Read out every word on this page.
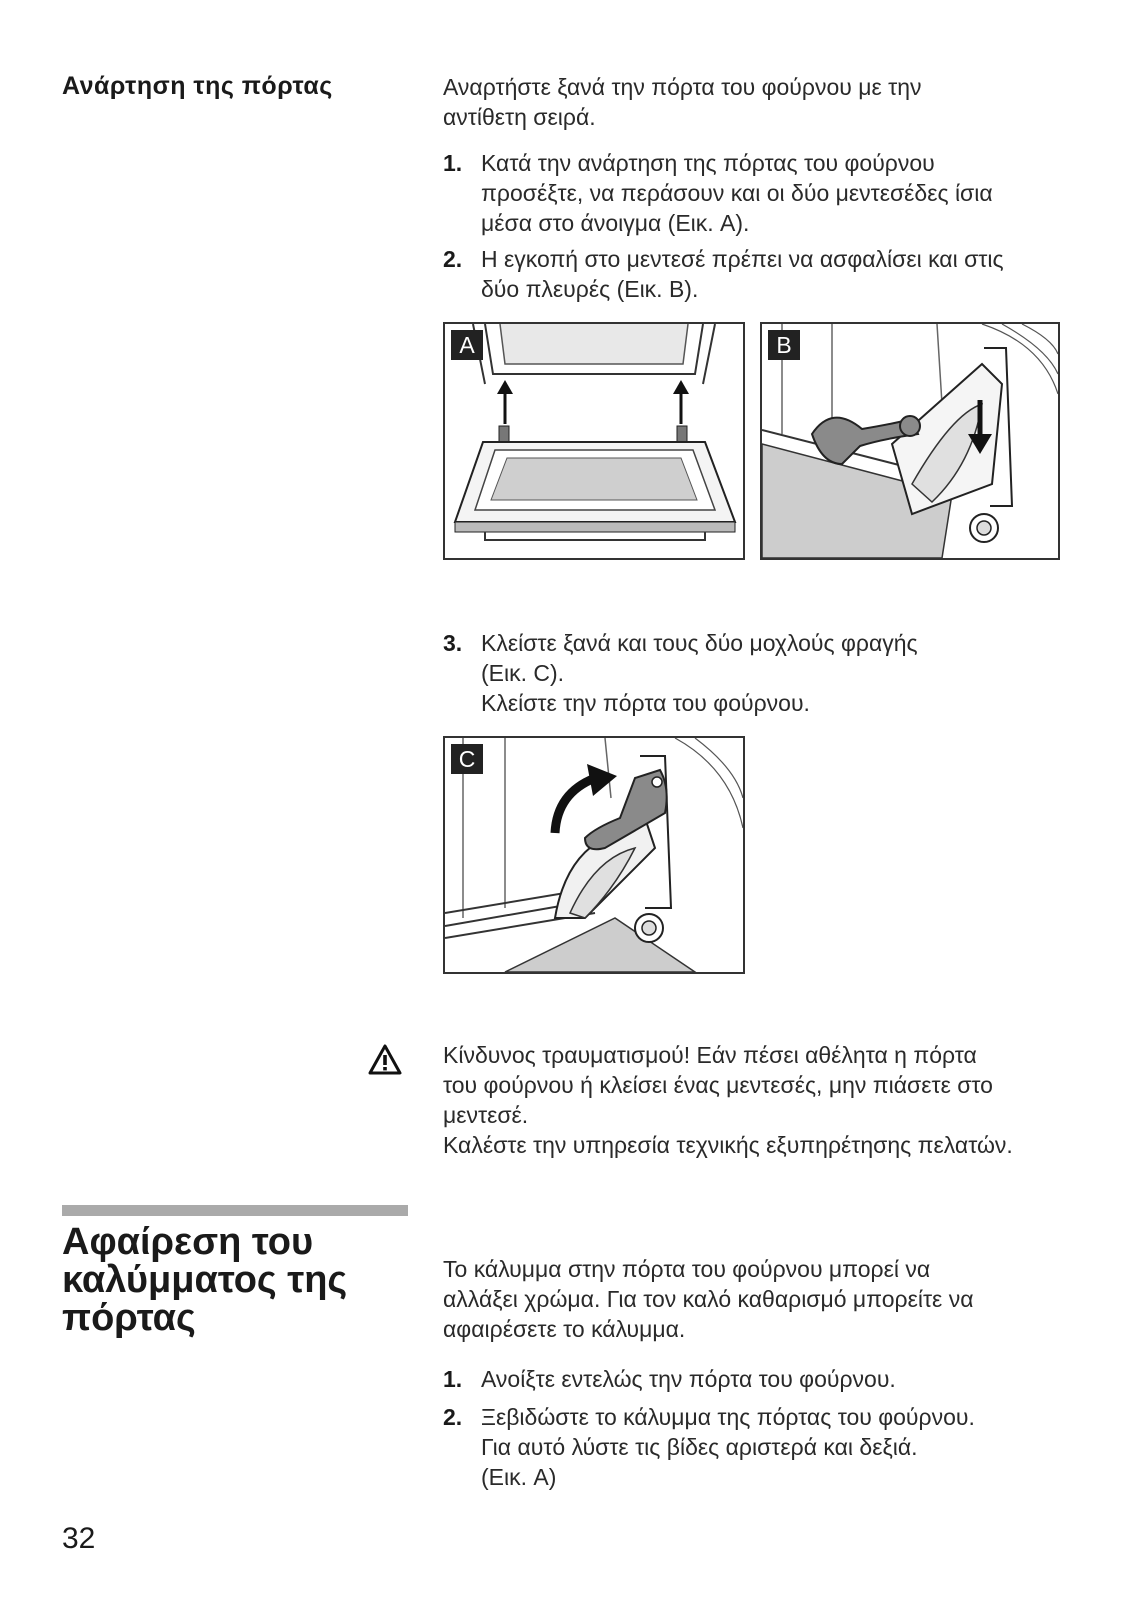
Ανάρτηση της πόρτας	Αναρτήστε ξανά την πόρτα του φούρνου με την
αντίθετη σειρά.
1. Κατά την ανάρτηση της πόρτας του φούρνου
προσέξτε, να περάσουν και οι δύο μεντεσέδες ίσια
μέσα στο άνοιγμα (Εικ. A).
2. Η εγκοπή στο μεντεσέ πρέπει να ασφαλίσει και στις
δύο πλευρές (Εικ. B).
A	B
3. Κλείστε ξανά και τους δύο μοχλούς φραγής
(Εικ. C).
Κλείστε την πόρτα του φούρνου.
C
Κίνδυνος τραυματισμού! Εάν πέσει αθέλητα η πόρτα
του φούρνου ή κλείσει ένας μεντεσές, μην πιάσετε στο
μεντεσέ.
Καλέστε την υπηρεσία τεχνικής εξυπηρέτησης πελατών.
Αφαίρεση του
καλύμματος της
πόρτας
Το κάλυμμα στην πόρτα του φούρνου μπορεί να
αλλάξει χρώμα. Για τον καλό καθαρισμό μπορείτε να
αφαιρέσετε το κάλυμμα.
1. Ανοίξτε εντελώς την πόρτα του φούρνου.
2. Ξεβιδώστε το κάλυμμα της πόρτας του φούρνου.
Για αυτό λύστε τις βίδες αριστερά και δεξιά.
(Εικ. A)
32
